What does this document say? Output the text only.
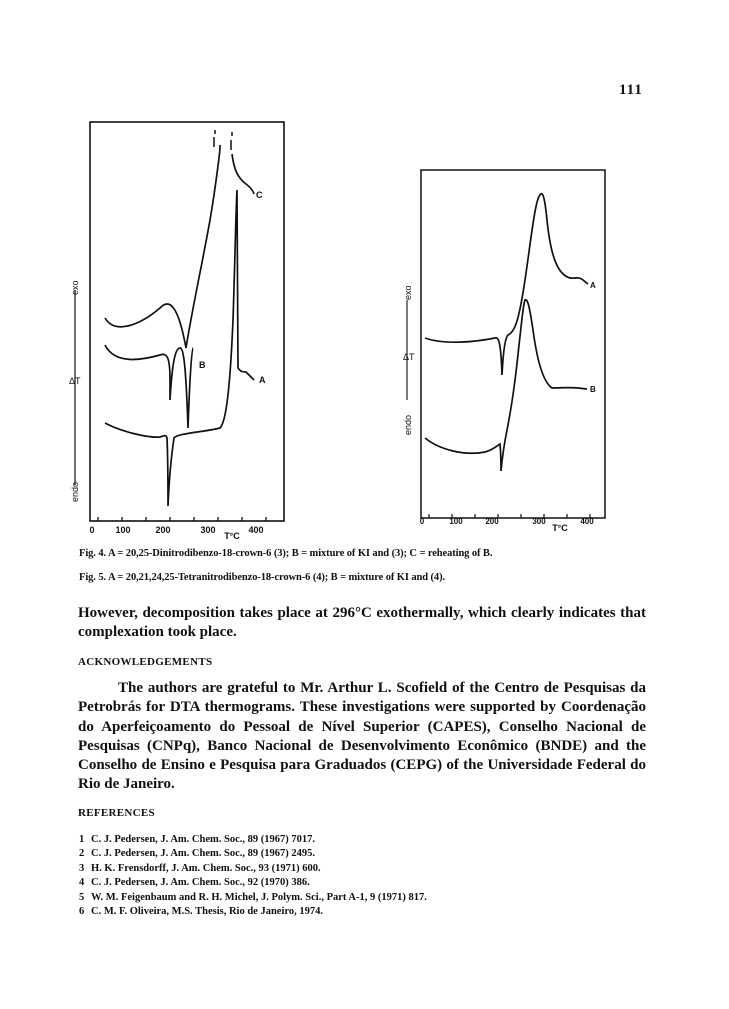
111
0 100	200	300	400
T°C
endo
exo
ΔT
C
B
A
0	100	200	300	400
T°C
endo
exo
ΔT
A
B
Fig. 4. A = 20,25-Dinitrodibenzo-18-crown-6 (3); B = mixture of KI and (3); C = reheating of B.
Fig. 5. A = 20,21,24,25-Tetranitrodibenzo-18-crown-6 (4); B = mixture of KI and (4).

However, decomposition takes place at 296°C exothermally, which clearly indicates that complexation took place.

ACKNOWLEDGEMENTS

The authors are grateful to Mr. Arthur L. Scofield of the Centro de Pesquisas da Petrobrás for DTA thermograms. These investigations were supported by Coordenação do Aperfeiçoamento do Pessoal de Nível Superior (CAPES), Conselho Nacional de Pesquisas (CNPq), Banco Nacional de Desenvolvimento Econômico (BNDE) and the Conselho de Ensino e Pesquisa para Graduados (CEPG) of the Universidade Federal do Rio de Janeiro.

REFERENCES
1 C. J. Pedersen, J. Am. Chem. Soc., 89 (1967) 7017.
2 C. J. Pedersen, J. Am. Chem. Soc., 89 (1967) 2495.
3 H. K. Frensdorff, J. Am. Chem. Soc., 93 (1971) 600.
4 C. J. Pedersen, J. Am. Chem. Soc., 92 (1970) 386.
5 W. M. Feigenbaum and R. H. Michel, J. Polym. Sci., Part A-1, 9 (1971) 817.
6 C. M. F. Oliveira, M.S. Thesis, Rio de Janeiro, 1974.
